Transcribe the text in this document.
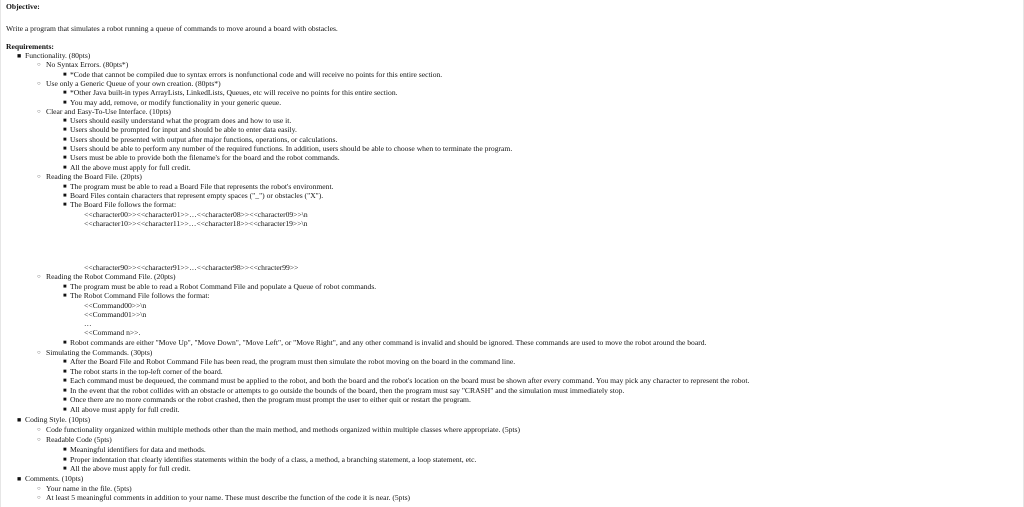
Objective:
Write a program that simulates a robot running a queue of commands to move around a board with obstacles.
Requirements:
■ Functionality. (80pts)
○ No Syntax Errors. (80pts*)
■ *Code that cannot be compiled due to syntax errors is nonfunctional code and will receive no points for this entire section.
○ Use only a Generic Queue of your own creation. (80pts*)
■ *Other Java built-in types ArrayLists, LinkedLists, Queues, etc will receive no points for this entire section.
■ You may add, remove, or modify functionality in your generic queue.
○ Clear and Easy-To-Use Interface. (10pts)
■ Users should easily understand what the program does and how to use it.
■ Users should be prompted for input and should be able to enter data easily.
■ Users should be presented with output after major functions, operations, or calculations.
■ Users should be able to perform any number of the required functions. In addition, users should be able to choose when to terminate the program.
■ Users must be able to provide both the filename's for the board and the robot commands.
■ All the above must apply for full credit.
○ Reading the Board File. (20pts)
■ The program must be able to read a Board File that represents the robot's environment.
■ Board Files contain characters that represent empty spaces ("_") or obstacles ("X").
■ The Board File follows the format:
<<character00>><<character01>>…<<character08>><<character09>>\n
<<character10>><<character11>>…<<character18>><<character19>>\n
<<character90>><<character91>>…<<character98>><<chracter99>>
○ Reading the Robot Command File. (20pts)
■ The program must be able to read a Robot Command File and populate a Queue of robot commands.
■ The Robot Command File follows the format:
<<Command00>>\n
<<Command01>>\n
…
<<Command n>>.
■ Robot commands are either "Move Up", "Move Down", "Move Left", or "Move Right", and any other command is invalid and should be ignored. These commands are used to move the robot around the board.
○ Simulating the Commands. (30pts)
■ After the Board File and Robot Command File has been read, the program must then simulate the robot moving on the board in the command line.
■ The robot starts in the top-left corner of the board.
■ Each command must be dequeued, the command must be applied to the robot, and both the board and the robot's location on the board must be shown after every command. You may pick any character to represent the robot.
■ In the event that the robot collides with an obstacle or attempts to go outside the bounds of the board, then the program must say "CRASH" and the simulation must immediately stop.
■ Once there are no more commands or the robot crashed, then the program must prompt the user to either quit or restart the program.
■ All above must apply for full credit.
■ Coding Style. (10pts)
○ Code functionality organized within multiple methods other than the main method, and methods organized within multiple classes where appropriate. (5pts)
○ Readable Code (5pts)
■ Meaningful identifiers for data and methods.
■ Proper indentation that clearly identifies statements within the body of a class, a method, a branching statement, a loop statement, etc.
■ All the above must apply for full credit.
■ Comments. (10pts)
○ Your name in the file. (5pts)
○ At least 5 meaningful comments in addition to your name. These must describe the function of the code it is near. (5pts)
